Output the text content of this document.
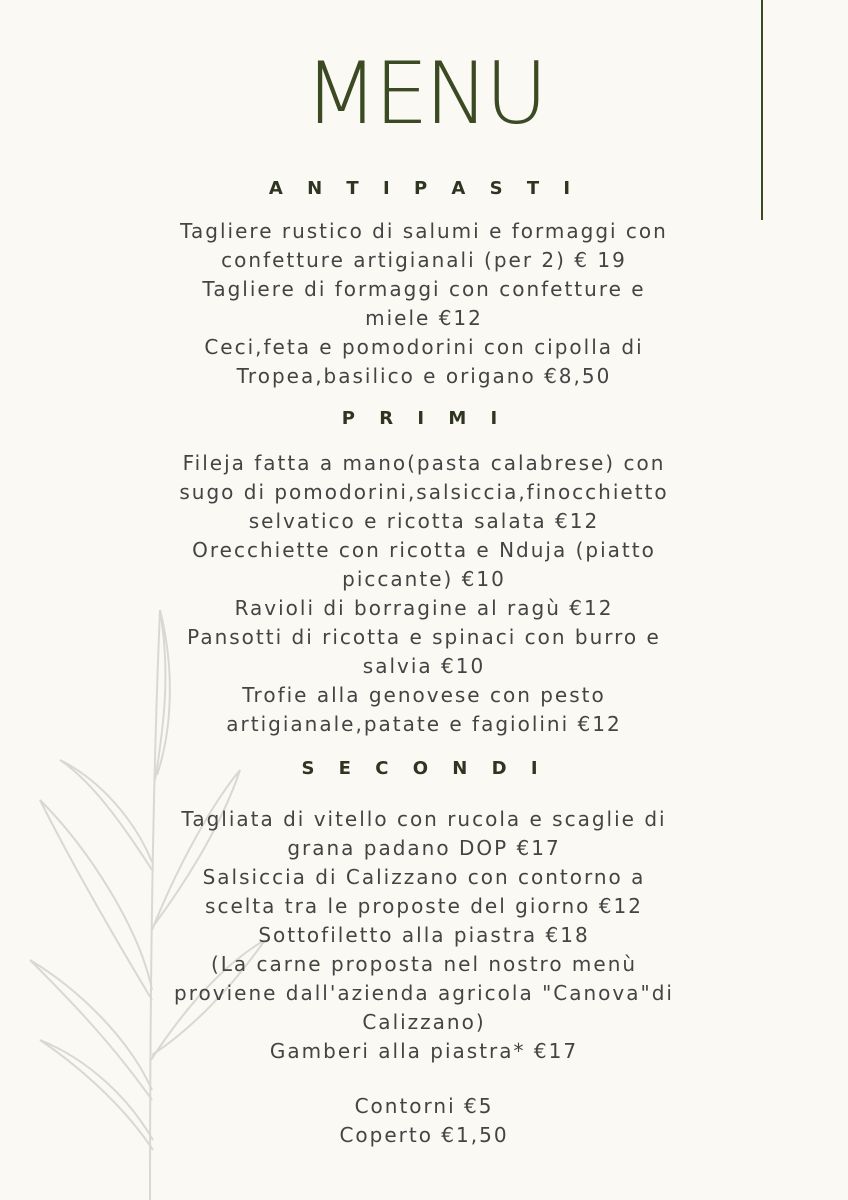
MENU
A N T I P A S T I

Tagliere rustico di salumi e formaggi con
confetture artigianali (per 2) € 19

Tagliere di formaggi con confetture e
miele €12

Ceci,feta e pomodorini con cipolla di
Tropea,basilico e origano €8,50

P R I M I

Fileja fatta a mano(pasta calabrese) con
sugo di pomodorini,salsiccia,finocchietto
selvatico e ricotta salata €12

Orecchiette con ricotta e Nduja (piatto
piccante) €10

Ravioli di borragine al ragù €12

Pansotti di ricotta e spinaci con burro e
salvia €10

Trofie alla genovese con pesto
artigianale,patate e fagiolini €12

S E C O N D I

Tagliata di vitello con rucola e scaglie di
grana padano DOP €17

Salsiccia di Calizzano con contorno a
scelta tra le proposte del giorno €12

Sottofiletto alla piastra €18

(La carne proposta nel nostro menù
proviene dall'azienda agricola "Canova"di
Calizzano)

Gamberi alla piastra* €17

Contorni €5

Coperto €1,50
